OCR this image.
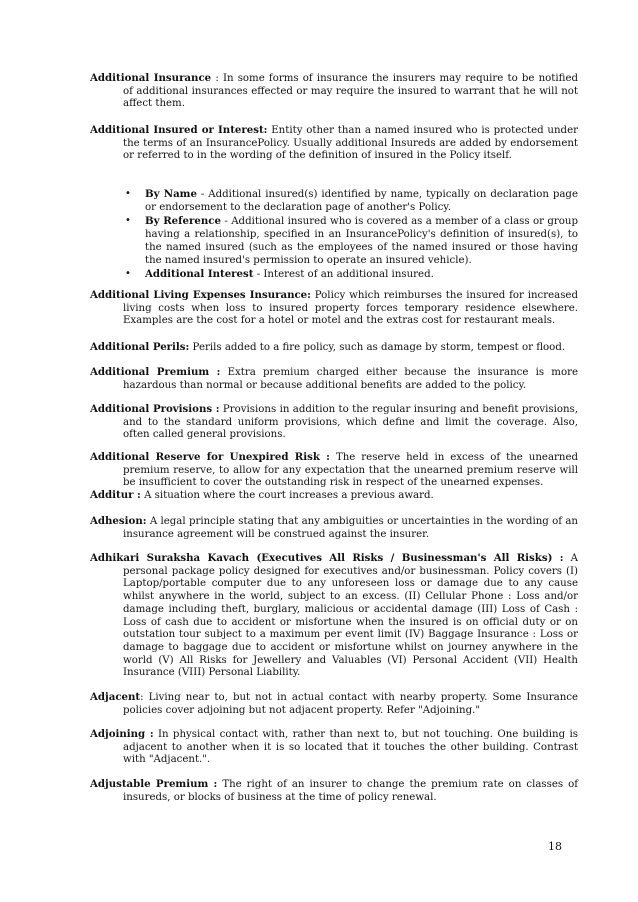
Additional Insurance : In some forms of insurance the insurers may require to be notified of additional insurances effected or may require the insured to warrant that he will not affect them.
Additional Insured or Interest: Entity other than a named insured who is protected under the terms of an InsurancePolicy. Usually additional Insureds are added by endorsement or referred to in the wording of the definition of insured in the Policy itself.
• By Name - Additional insured(s) identified by name, typically on declaration page or endorsement to the declaration page of another's Policy.
• By Reference - Additional insured who is covered as a member of a class or group having a relationship, specified in an InsurancePolicy's definition of insured(s), to the named insured (such as the employees of the named insured or those having the named insured's permission to operate an insured vehicle).
• Additional Interest - Interest of an additional insured.
Additional Living Expenses Insurance: Policy which reimburses the insured for increased living costs when loss to insured property forces temporary residence elsewhere. Examples are the cost for a hotel or motel and the extras cost for restaurant meals.
Additional Perils: Perils added to a fire policy, such as damage by storm, tempest or flood.
Additional Premium : Extra premium charged either because the insurance is more hazardous than normal or because additional benefits are added to the policy.
Additional Provisions : Provisions in addition to the regular insuring and benefit provisions, and to the standard uniform provisions, which define and limit the coverage. Also, often called general provisions.
Additional Reserve for Unexpired Risk : The reserve held in excess of the unearned premium reserve, to allow for any expectation that the unearned premium reserve will be insufficient to cover the outstanding risk in respect of the unearned expenses.
Additur : A situation where the court increases a previous award.
Adhesion: A legal principle stating that any ambiguities or uncertainties in the wording of an insurance agreement will be construed against the insurer.
Adhikari Suraksha Kavach (Executives All Risks / Businessman's All Risks) : A personal package policy designed for executives and/or businessman. Policy covers (I) Laptop/portable computer due to any unforeseen loss or damage due to any cause whilst anywhere in the world, subject to an excess. (II) Cellular Phone : Loss and/or damage including theft, burglary, malicious or accidental damage (III) Loss of Cash : Loss of cash due to accident or misfortune when the insured is on official duty or on outstation tour subject to a maximum per event limit (IV) Baggage Insurance : Loss or damage to baggage due to accident or misfortune whilst on journey anywhere in the world (V) All Risks for Jewellery and Valuables (VI) Personal Accident (VII) Health Insurance (VIII) Personal Liability.
Adjacent: Living near to, but not in actual contact with nearby property. Some Insurance policies cover adjoining but not adjacent property. Refer "Adjoining."
Adjoining : In physical contact with, rather than next to, but not touching. One building is adjacent to another when it is so located that it touches the other building. Contrast with "Adjacent.".
Adjustable Premium : The right of an insurer to change the premium rate on classes of insureds, or blocks of business at the time of policy renewal.
18
